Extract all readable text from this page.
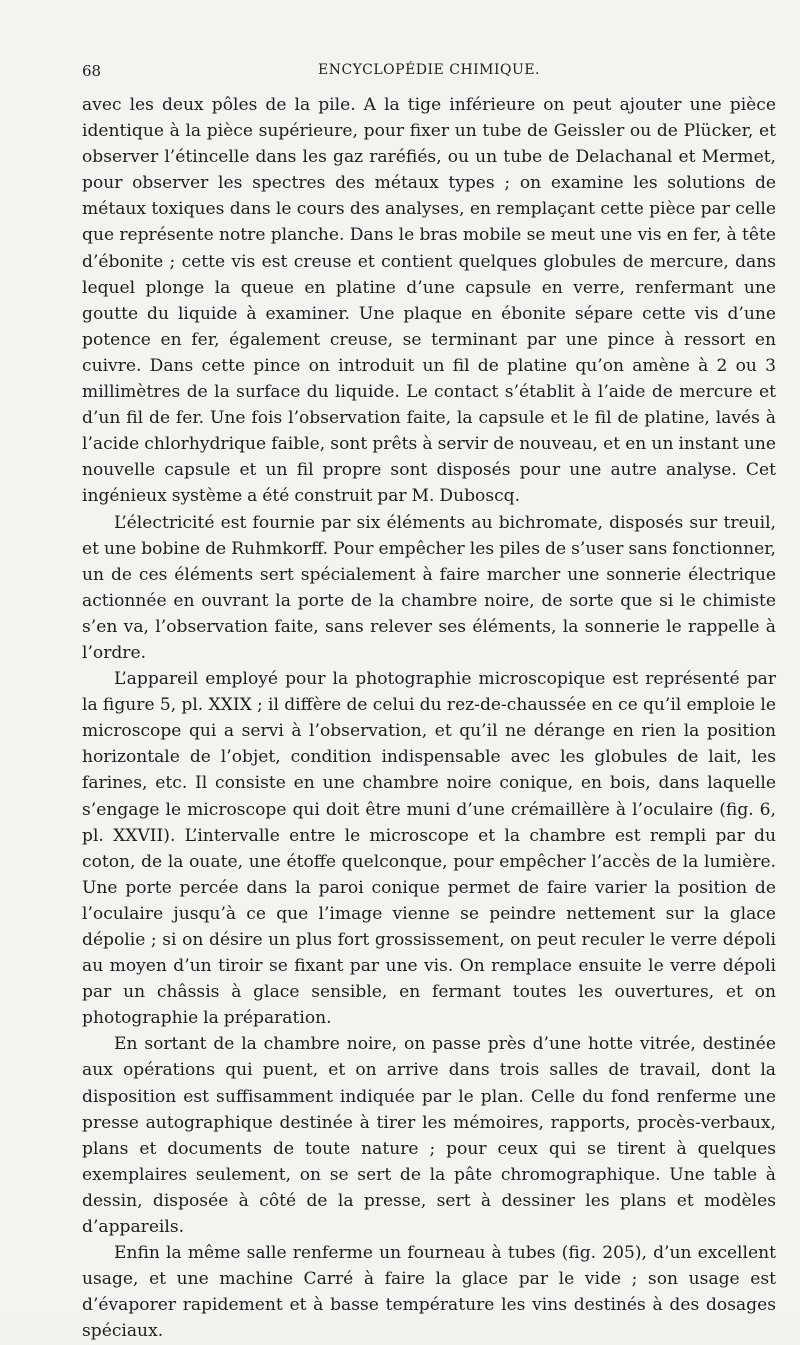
68	ENCYCLOPÉDIE CHIMIQUE.

avec les deux pôles de la pile. A la tige inférieure on peut ajouter une pièce identique à la pièce supérieure, pour fixer un tube de Geissler ou de Plücker, et observer l’étincelle dans les gaz raréfiés, ou un tube de Delachanal et Mermet, pour observer les spectres des métaux types ; on examine les solutions de métaux toxiques dans le cours des analyses, en remplaçant cette pièce par celle que représente notre planche. Dans le bras mobile se meut une vis en fer, à tête d’ébonite ; cette vis est creuse et contient quelques globules de mercure, dans lequel plonge la queue en platine d’une capsule en verre, renfermant une goutte du liquide à examiner. Une plaque en ébonite sépare cette vis d’une potence en fer, également creuse, se terminant par une pince à ressort en cuivre. Dans cette pince on introduit un fil de platine qu’on amène à 2 ou 3 millimètres de la surface du liquide. Le contact s’établit à l’aide de mercure et d’un fil de fer. Une fois l’observation faite, la capsule et le fil de platine, lavés à l’acide chlorhydrique faible, sont prêts à servir de nouveau, et en un instant une nouvelle capsule et un fil propre sont disposés pour une autre analyse. Cet ingénieux système a été construit par M. Duboscq.

L’électricité est fournie par six éléments au bichromate, disposés sur treuil, et une bobine de Ruhmkorff. Pour empêcher les piles de s’user sans fonctionner, un de ces éléments sert spécialement à faire marcher une sonnerie électrique actionnée en ouvrant la porte de la chambre noire, de sorte que si le chimiste s’en va, l’observation faite, sans relever ses éléments, la sonnerie le rappelle à l’ordre.

L’appareil employé pour la photographie microscopique est représenté par la figure 5, pl. XXIX ; il diffère de celui du rez-de-chaussée en ce qu’il emploie le microscope qui a servi à l’observation, et qu’il ne dérange en rien la position horizontale de l’objet, condition indispensable avec les globules de lait, les farines, etc. Il consiste en une chambre noire conique, en bois, dans laquelle s’engage le microscope qui doit être muni d’une crémaillère à l’oculaire (fig. 6, pl. XXVII). L’intervalle entre le microscope et la chambre est rempli par du coton, de la ouate, une étoffe quelconque, pour empêcher l’accès de la lumière. Une porte percée dans la paroi conique permet de faire varier la position de l’oculaire jusqu’à ce que l’image vienne se peindre nettement sur la glace dépolie ; si on désire un plus fort grossissement, on peut reculer le verre dépoli au moyen d’un tiroir se fixant par une vis. On remplace ensuite le verre dépoli par un châssis à glace sensible, en fermant toutes les ouvertures, et on photographie la préparation.

En sortant de la chambre noire, on passe près d’une hotte vitrée, destinée aux opérations qui puent, et on arrive dans trois salles de travail, dont la disposition est suffisamment indiquée par le plan. Celle du fond renferme une presse autographique destinée à tirer les mémoires, rapports, procès-verbaux, plans et documents de toute nature ; pour ceux qui se tirent à quelques exemplaires seulement, on se sert de la pâte chromographique. Une table à dessin, disposée à côté de la presse, sert à dessiner les plans et modèles d’appareils.

Enfin la même salle renferme un fourneau à tubes (fig. 205), d’un excellent usage, et une machine Carré à faire la glace par le vide ; son usage est d’évaporer rapidement et à basse température les vins destinés à des dosages spéciaux.
